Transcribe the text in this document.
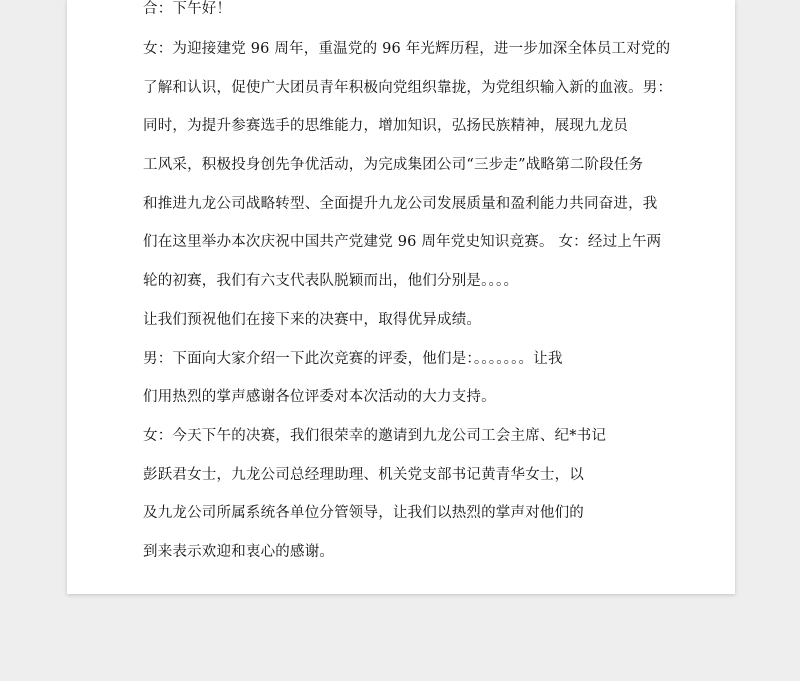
合：下午好！
女：为迎接建党 96 周年，重温党的 96 年光辉历程，进一步加深全体员工对党的
了解和认识，促使广大团员青年积极向党组织靠拢，为党组织输入新的血液。男：
同时，为提升参赛选手的思维能力，增加知识，弘扬民族精神，展现九龙员
工风采，积极投身创先争优活动，为完成集团公司“三步走”战略第二阶段任务
和推进九龙公司战略转型、全面提升九龙公司发展质量和盈利能力共同奋进，我
们在这里举办本次庆祝中国共产党建党 96 周年党史知识竞赛。 女：经过上午两
轮的初赛，我们有六支代表队脱颖而出，他们分别是。。。。
让我们预祝他们在接下来的决赛中，取得优异成绩。
男：下面向大家介绍一下此次竞赛的评委，他们是：。。。。。。。让我
们用热烈的掌声感谢各位评委对本次活动的大力支持。
女：今天下午的决赛，我们很荣幸的邀请到九龙公司工会主席、纪*书记
彭跃君女士，九龙公司总经理助理、机关党支部书记黄青华女士，以
及九龙公司所属系统各单位分管领导，让我们以热烈的掌声对他们的
到来表示欢迎和衷心的感谢。
